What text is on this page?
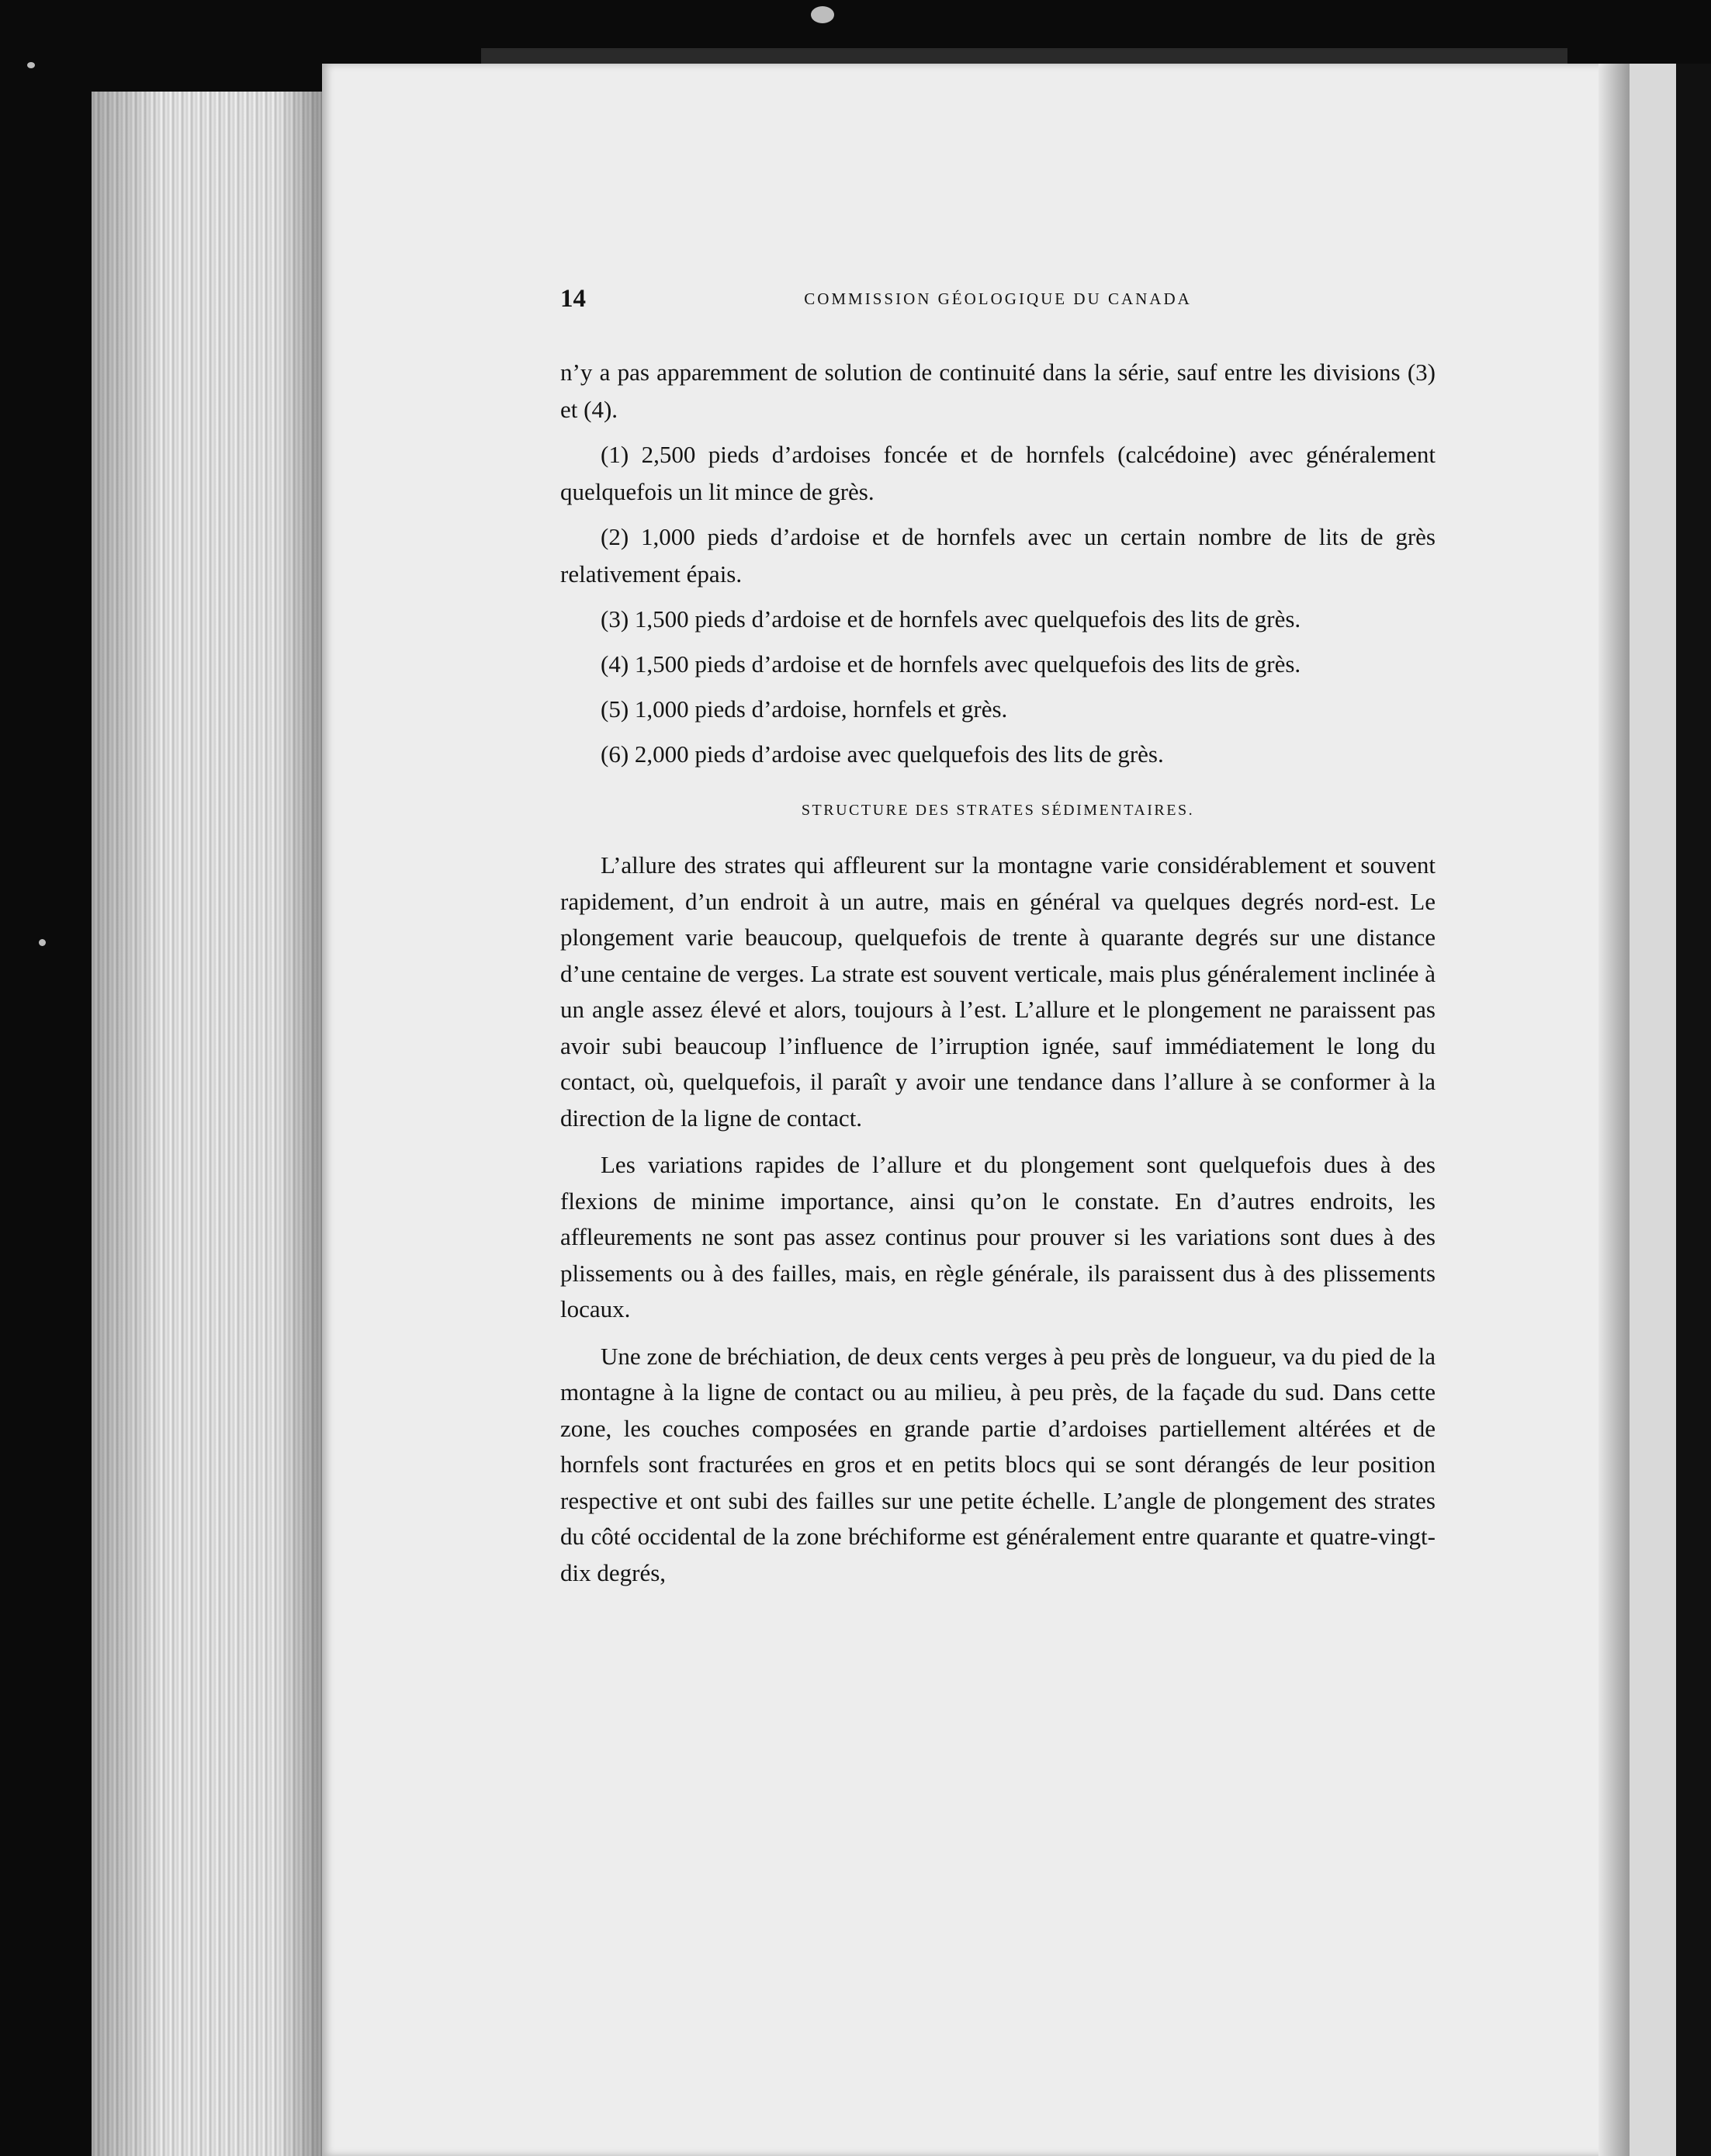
14	COMMISSION GÉOLOGIQUE DU CANADA

n’y a pas apparemment de solution de continuité dans la série, sauf entre les divisions (3) et (4).

(1) 2,500 pieds d’ardoises foncée et de hornfels (calcédoine) avec généralement quelquefois un lit mince de grès.

(2) 1,000 pieds d’ardoise et de hornfels avec un certain nombre de lits de grès relativement épais.

(3) 1,500 pieds d’ardoise et de hornfels avec quelquefois des lits de grès.

(4) 1,500 pieds d’ardoise et de hornfels avec quelquefois des lits de grès.

(5) 1,000 pieds d’ardoise, hornfels et grès.

(6) 2,000 pieds d’ardoise avec quelquefois des lits de grès.

STRUCTURE DES STRATES SÉDIMENTAIRES.

L’allure des strates qui affleurent sur la montagne varie considérablement et souvent rapidement, d’un endroit à un autre, mais en général va quelques degrés nord-est. Le plongement varie beaucoup, quelquefois de trente à quarante degrés sur une distance d’une centaine de verges. La strate est souvent verticale, mais plus généralement inclinée à un angle assez élevé et alors, toujours à l’est. L’allure et le plongement ne paraissent pas avoir subi beaucoup l’influence de l’irruption ignée, sauf immédiatement le long du contact, où, quelquefois, il paraît y avoir une tendance dans l’allure à se conformer à la direction de la ligne de contact.

Les variations rapides de l’allure et du plongement sont quelquefois dues à des flexions de minime importance, ainsi qu’on le constate. En d’autres endroits, les affleurements ne sont pas assez continus pour prouver si les variations sont dues à des plissements ou à des failles, mais, en règle générale, ils paraissent dus à des plissements locaux.

Une zone de bréchiation, de deux cents verges à peu près de longueur, va du pied de la montagne à la ligne de contact ou au milieu, à peu près, de la façade du sud. Dans cette zone, les couches composées en grande partie d’ardoises partiellement altérées et de hornfels sont fracturées en gros et en petits blocs qui se sont dérangés de leur position respective et ont subi des failles sur une petite échelle. L’angle de plongement des strates du côté occidental de la zone bréchiforme est généralement entre quarante et quatre-vingt-dix degrés,
